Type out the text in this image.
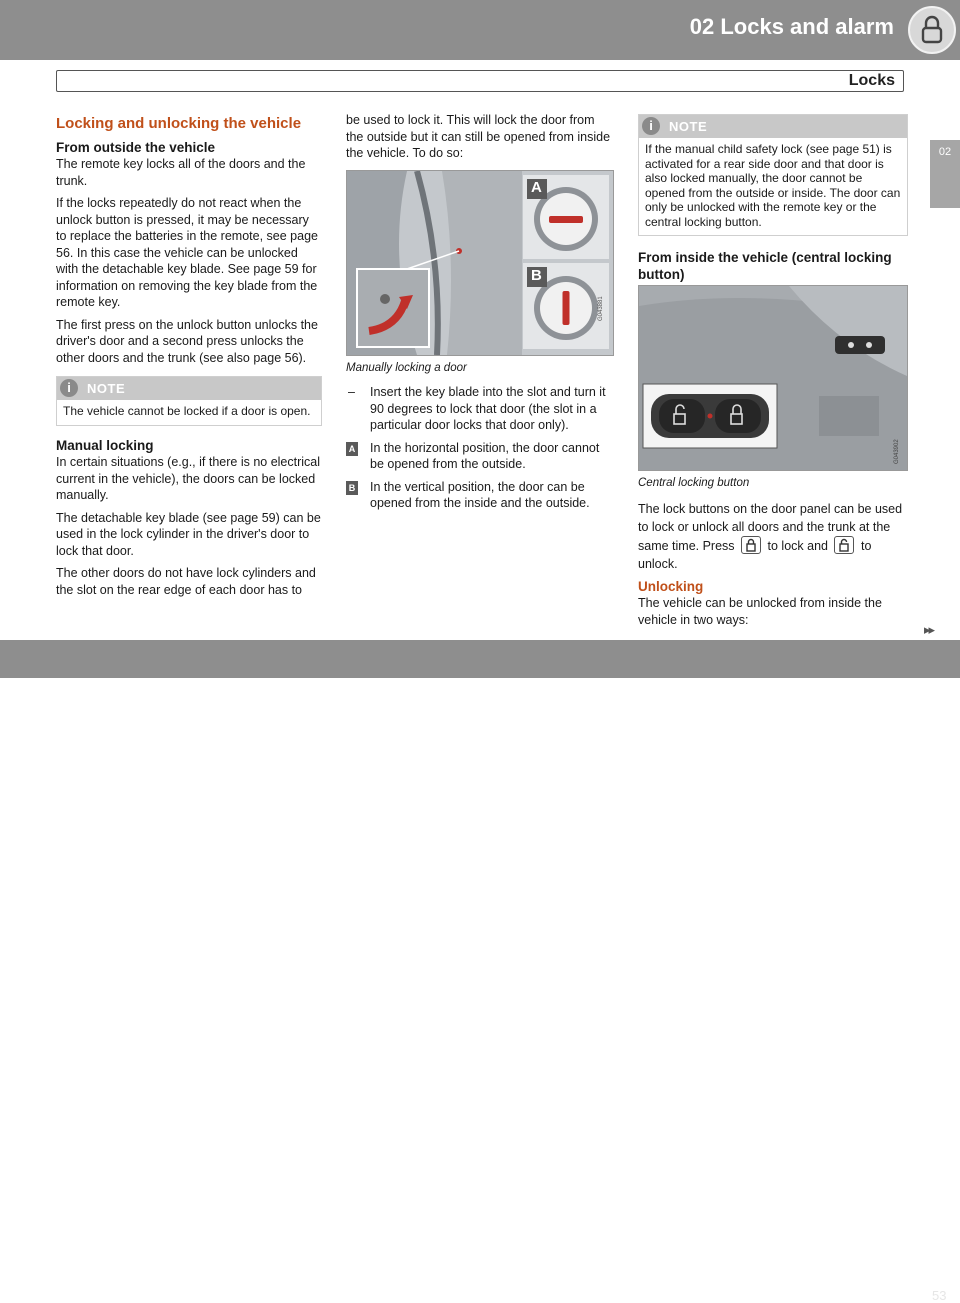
02 Locks and alarm
Locks
02
Locking and unlocking the vehicle
From outside the vehicle

The remote key locks all of the doors and the trunk.

If the locks repeatedly do not react when the unlock button is pressed, it may be necessary to replace the batteries in the remote, see page 56. In this case the vehicle can be unlocked with the detachable key blade. See page 59 for information on removing the key blade from the remote key.

The first press on the unlock button unlocks the driver's door and a second press unlocks the other doors and the trunk (see also page 56).

i	NOTE
The vehicle cannot be locked if a door is open.
Manual locking

In certain situations (e.g., if there is no electrical current in the vehicle), the doors can be locked manually.

The detachable key blade (see page 59) can be used in the lock cylinder in the driver's door to lock that door.

The other doors do not have lock cylinders and the slot on the rear edge of each door has to

be used to lock it. This will lock the door from the outside but it can still be opened from inside the vehicle. To do so:

A
B
G043881
Manually locking a door
– Insert the key blade into the slot and turn it 90 degrees to lock that door (the slot in a particular door locks that door only).
A In the horizontal position, the door cannot be opened from the outside.
B In the vertical position, the door can be opened from the inside and the outside.
i	NOTE
If the manual child safety lock (see page 51) is activated for a rear side door and that door is also locked manually, the door cannot be opened from the outside or inside. The door can only be unlocked with the remote key or the central locking button.
From inside the vehicle (central locking button)
G043902
Central locking button

The lock buttons on the door panel can be used to lock or unlock all doors and the trunk at the same time. Press	to lock and	to unlock.

Unlocking

The vehicle can be unlocked from inside the vehicle in two ways:

▸▸
53
